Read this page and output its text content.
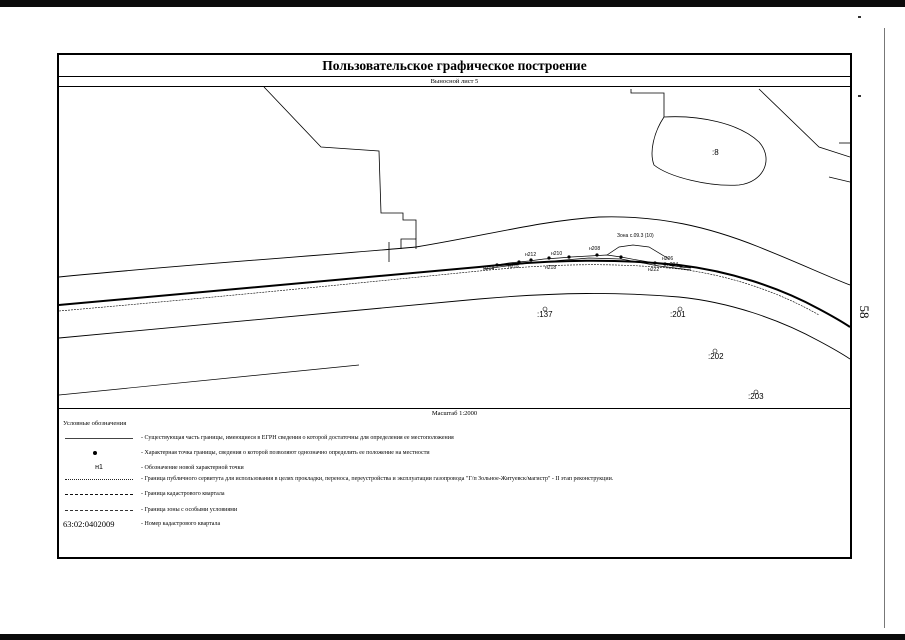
58
Пользовательское графическое построение
Выносной лист 5
:8
:137	:201
:202
:203
н212	н210
н208
н214	н216	н218
н206
н204
н222
Зона с.09.3 (10)
Масштаб 1:2000
Условные обозначения
- Существующая часть границы, имеющиеся в ЕГРН сведения о которой достаточны для определения ее местоположения
- Характерная точка границы, сведения о которой позволяют однозначно определить ее положение на местности
н1	- Обозначение новой характерной точки
- Граница публичного сервитута для использования в целях прокладки, переноса, переустройства и эксплуатации газопровода "Г/п Зольное-Житуевск/магистр" - II этап реконструкции.
- Граница кадастрового квартала
- Граница зоны с особыми условиями
63:02:0402009	- Номер кадастрового квартала
